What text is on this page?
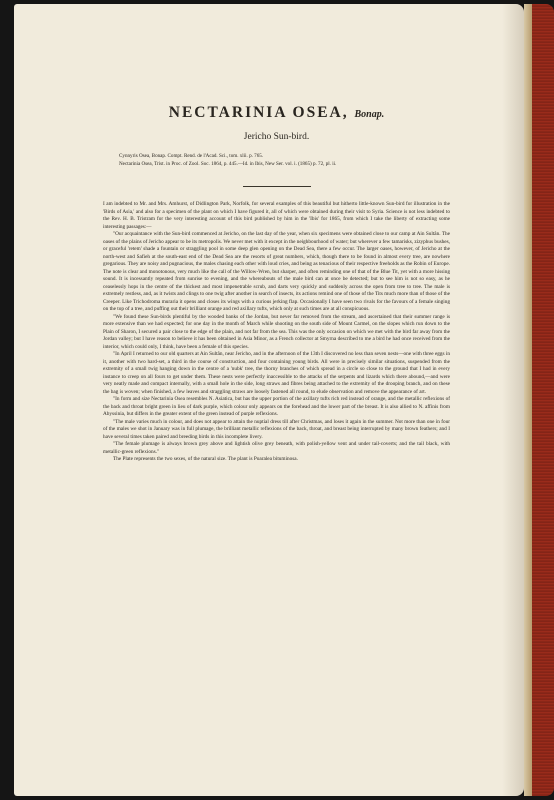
NECTARINIA OSEA, Bonap.
Jericho Sun-bird.
Cynnyris Osea, Bonap. Compt. Rend. de l'Acad. Sci., tom. xlii. p. 765.
Nectarinia Osea, Trist. in Proc. of Zool. Soc. 1864, p. 445.—Id. in Ibis, New Ser. vol. i. (1865) p. 72, pl. ii.

I am indebted to Mr. and Mrs. Amhurst, of Didlington Park, Norfolk, for several examples of this beautiful but hitherto little-known Sun-bird for illustration in the 'Birds of Asia,' and also for a specimen of the plant on which I have figured it, all of which were obtained during their visit to Syria. Science is not less indebted to the Rev. H. B. Tristram for the very interesting account of this bird published by him in the 'Ibis' for 1865, from which I take the liberty of extracting some interesting passages:—

"Our acquaintance with the Sun-bird commenced at Jericho, on the last day of the year, when six specimens were obtained close to our camp at Ain Sultân. The oases of the plains of Jericho appear to be its metropolis. We never met with it except in the neighbourhood of water; but wherever a few tamarisks, zizyphus bushes, or graceful 'retem' shade a fountain or straggling pool in some deep glen opening on the Dead Sea, there a few occur. The larger oases, however, of Jericho at the north-west and Safieh at the south-east end of the Dead Sea are the resorts of great numbers, which, though there to be found in almost every tree, are nowhere gregarious. They are noisy and pugnacious, the males chasing each other with loud cries, and being as tenacious of their respective freeholds as the Robin of Europe. The note is clear and monotonous, very much like the call of the Willow-Wren, but sharper, and often reminding one of that of the Blue Tit, yet with a more hissing sound. It is incessantly repeated from sunrise to evening, and the whereabouts of the male bird can at once be detected; but to see him is not so easy, as he ceaselessly hops in the centre of the thickest and most impenetrable scrub, and darts very quickly and suddenly across the open from tree to tree. The male is extremely restless, and, as it twists and clings to one twig after another in search of insects, its actions remind one of those of the Tits much more than of those of the Creeper. Like Trichodroma muraria it opens and closes its wings with a curious jerking flap. Occasionally I have seen two rivals for the favours of a female singing on the top of a tree, and puffing out their brilliant orange and red axillary tufts, which only at such times are at all conspicuous.

"We found these Sun-birds plentiful by the wooded banks of the Jordan, but never far removed from the stream, and ascertained that their summer range is more extensive than we had expected; for one day in the month of March while shooting on the south side of Mount Carmel, on the slopes which run down to the Plain of Sharon, I secured a pair close to the edge of the plain, and not far from the sea. This was the only occasion on which we met with the bird far away from the Jordan valley; but I have reason to believe it has been obtained in Asia Minor, as a French collector at Smyrna described to me a bird he had once received from the interior, which could only, I think, have been a female of this species.

"In April I returned to our old quarters at Ain Sultân, near Jericho, and in the afternoon of the 13th I discovered no less than seven nests—one with three eggs in it, another with two hard-set, a third in the course of construction, and four containing young birds. All were in precisely similar situations, suspended from the extremity of a small twig hanging down in the centre of a 'nubk' tree, the thorny branches of which spread in a circle so close to the ground that I had in every instance to creep on all fours to get under them. These nests were perfectly inaccessible to the attacks of the serpents and lizards which there abound,—and were very neatly made and compact internally, with a small hole in the side, long straws and fibres being attached to the extremity of the drooping branch, and on these the bag is woven; when finished, a few leaves and straggling straws are loosely fastened all round, to elude observation and remove the appearance of art.

"In form and size Nectarinia Osea resembles N. Asiatica, but has the upper portion of the axillary tufts rich red instead of orange, and the metallic reflexions of the back and throat bright green in lieu of dark purple, which colour only appears on the forehead and the lower part of the breast. It is also allied to N. affinis from Abyssinia, but differs in the greater extent of the green instead of purple reflexions.

"The male varies much in colour, and does not appear to attain the nuptial dress till after Christmas, and loses it again in the summer. Not more than one in four of the males we shot in January was in full plumage, the brilliant metallic reflexions of the back, throat, and breast being interrupted by many brown feathers; and I have several times taken paired and breeding birds in this incomplete livery.

"The female plumage is always brown grey above and lightish olive grey beneath, with polish-yellow vent and under tail-coverts; and the tail black, with metallic-green reflexions."

The Plate represents the two sexes, of the natural size. The plant is Poaralea bituminosa.
